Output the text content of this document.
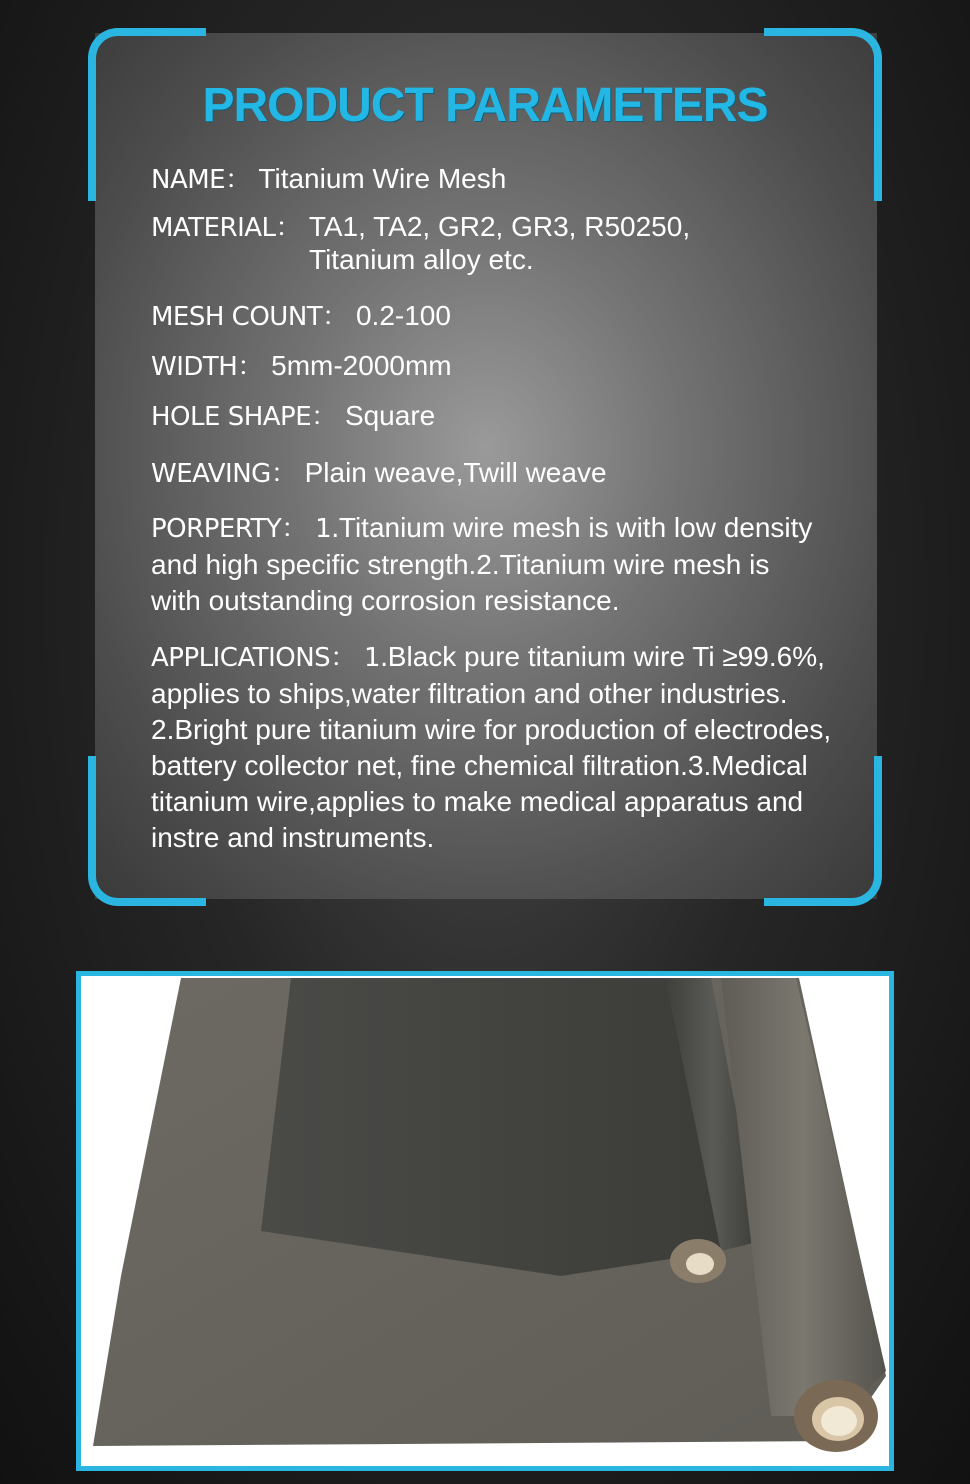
PRODUCT PARAMETERS
NAME： Titanium Wire Mesh
MATERIAL： TA1, TA2, GR2, GR3, R50250,
Titanium alloy etc.
MESH COUNT： 0.2-100
WIDTH： 5mm-2000mm
HOLE SHAPE： Square
WEAVING： Plain weave,Twill weave
PORPERTY： 1.Titanium wire mesh is with low density
and high specific strength.2.Titanium wire mesh is
with outstanding corrosion resistance.
APPLICATIONS： 1.Black pure titanium wire Ti ≥99.6%,
applies to ships,water filtration and other industries.
2.Bright pure titanium wire for production of electrodes,
battery collector net, fine chemical filtration.3.Medical
titanium wire,applies to make medical apparatus and
instre and instruments.
